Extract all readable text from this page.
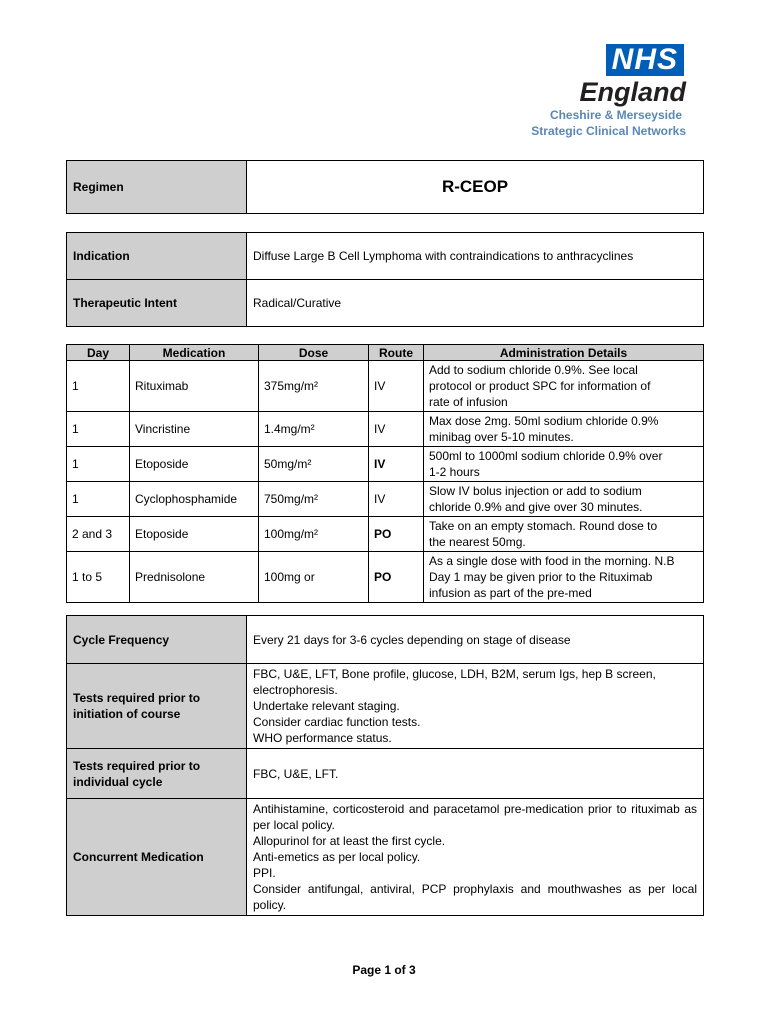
NHS
England
Cheshire & Merseyside
Strategic Clinical Networks
Regimen	R-CEOP
Indication	Diffuse Large B Cell Lymphoma with contraindications to anthracyclines
Therapeutic Intent	Radical/Curative
Day	Medication	Dose	Route	Administration Details
1	Rituximab	375mg/m²	IV	Add to sodium chloride 0.9%. See local
protocol or product SPC for information of
rate of infusion

1	Vincristine	1.4mg/m²	IV	Max dose 2mg. 50ml sodium chloride 0.9%
minibag over 5-10 minutes.

1	Etoposide	50mg/m²	IV	500ml to 1000ml sodium chloride 0.9% over
1-2 hours

1	Cyclophosphamide	750mg/m²	IV	Slow IV bolus injection or add to sodium
chloride 0.9% and give over 30 minutes.

2 and 3	Etoposide	100mg/m²	PO	Take on an empty stomach. Round dose to
the nearest 50mg.

1 to 5	Prednisolone	100mg or	PO	As a single dose with food in the morning. N.B
Day 1 may be given prior to the Rituximab
infusion as part of the pre-med
Cycle Frequency	Every 21 days for 3-6 cycles depending on stage of disease
Tests required prior to initiation of course	FBC, U&E, LFT, Bone profile, glucose, LDH, B2M, serum Igs, hep B screen,
electrophoresis.
Undertake relevant staging.
Consider cardiac function tests.
WHO performance status.

Tests required prior to individual cycle	FBC, U&E, LFT.
Concurrent Medication	Antihistamine, corticosteroid and paracetamol pre-medication prior to rituximab as per local policy.
Allopurinol for at least the first cycle.
Anti-emetics as per local policy.
PPI.
Consider antifungal, antiviral, PCP prophylaxis and mouthwashes as per local policy.
Page 1 of 3
